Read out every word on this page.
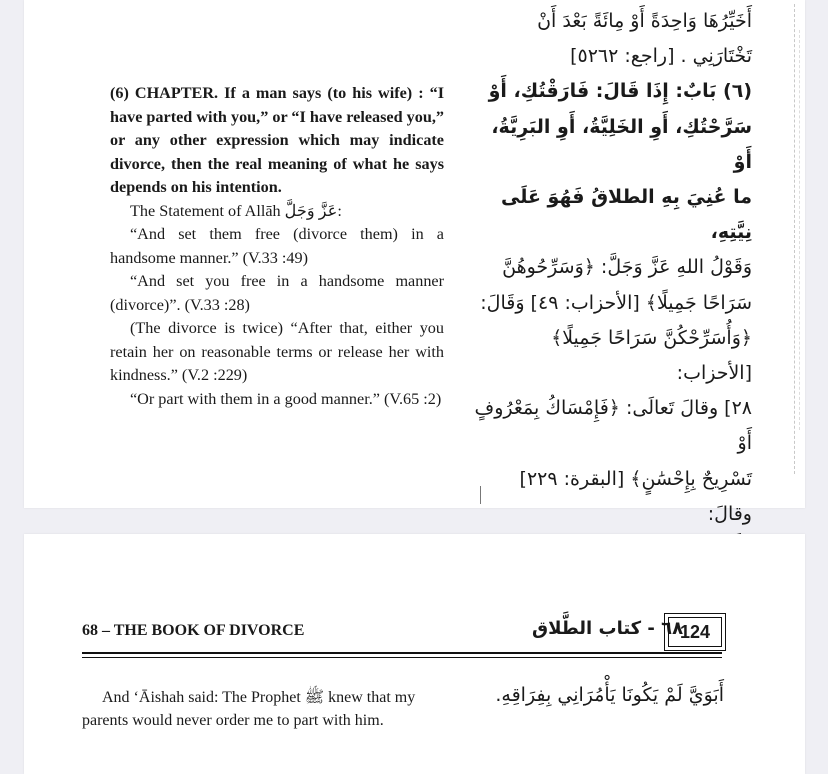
(6) CHAPTER. If a man says (to his wife) : “I have parted with you,” or “I have released you,” or any other expression which may indicate divorce, then the real meaning of what he says depends on his intention.

The Statement of Allāh عَزَّ وَجَلَّ:

“And set them free (divorce them) in a handsome manner.” (V.33 :49)

“And set you free in a handsome manner (divorce)”. (V.33 :28)

(The divorce is twice) “After that, either you retain her on reasonable terms or release her with kindness.” (V.2 :229)

“Or part with them in a good manner.” (V.65 :2)

أَخَيِّرُهَا وَاحِدَةً أَوْ مِائَةً بَعْدَ أَنْ

تَخْتَارَنِي . [راجع: ٥٢٦٢]

(٦) بَابٌ: إِذَا قَالَ: فَارَقْتُكِ، أَوْ

سَرَّحْتُكِ، أَوِ الخَلِيَّةُ، أَوِ البَرِيَّةُ، أَوْ

ما عُنِيَ بِهِ الطلاقُ فَهُوَ عَلَى نِيَّتِهِ،

وَقَوْلُ اللهِ عَزَّ وَجَلَّ: ﴿وَسَرِّحُوهُنَّ

سَرَاحًا جَمِيلًا﴾ [الأحزاب: ٤٩] وَقَالَ:

﴿وَأُسَرِّحْكُنَّ سَرَاحًا جَمِيلًا﴾ [الأحزاب:

٢٨] وقالَ تَعالَى: ﴿فَإِمْسَاكُ بِمَعْرُوفٍ أَوْ

تَسْرِيحٌ بِإِحْسَٰنٍ﴾ [البقرة: ٢٢٩] وقالَ:

68 – THE BOOK OF DIVORCE	٦٨ - كتاب الطَّلاق
124

And ‘Āishah said: The Prophet ﷺ knew that my parents would never order me to part with him.

أَبَوَيَّ لَمْ يَكُونَا يَأْمُرَانِي بِفِرَاقِهِ.
